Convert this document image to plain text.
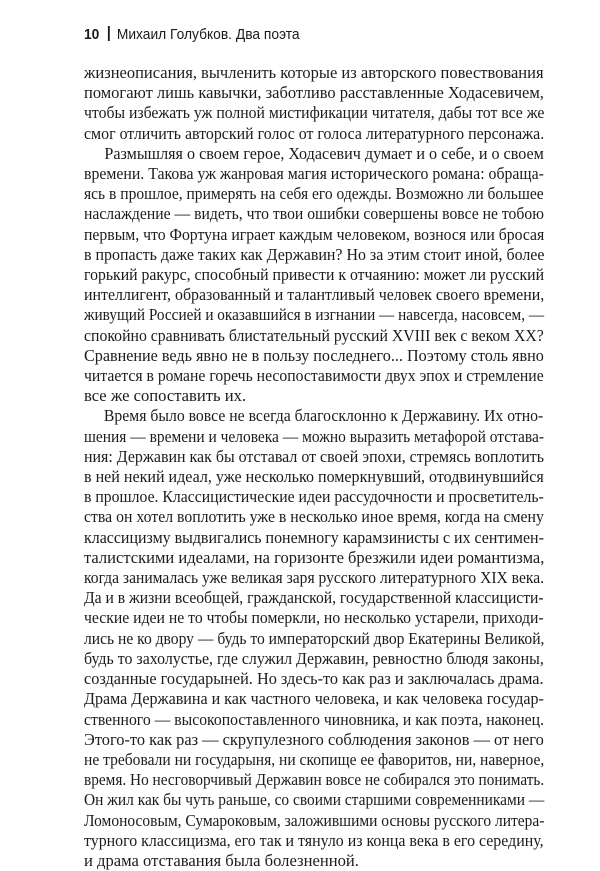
10 Михаил Голубков. Два поэта
жизнеописания, вычленить которые из авторского повествования
помогают лишь кавычки, заботливо расставленные Ходасевичем,
чтобы избежать уж полной мистификации читателя, дабы тот все же
смог отличить авторский голос от голоса литературного персонажа.
Размышляя о своем герое, Ходасевич думает и о себе, и о своем
времени. Такова уж жанровая магия исторического романа: обраща-
ясь в прошлое, примерять на себя его одежды. Возможно ли большее
наслаждение — видеть, что твои ошибки совершены вовсе не тобою
первым, что Фортуна играет каждым человеком, вознося или бросая
в пропасть даже таких как Державин? Но за этим стоит иной, более
горький ракурс, способный привести к отчаянию: может ли русский
интеллигент, образованный и талантливый человек своего времени,
живущий Россией и оказавшийся в изгнании — навсегда, насовсем, —
спокойно сравнивать блистательный русский XVIII век с веком XX?
Сравнение ведь явно не в пользу последнего... Поэтому столь явно
читается в романе горечь несопоставимости двух эпох и стремление
все же сопоставить их.
Время было вовсе не всегда благосклонно к Державину. Их отно-
шения — времени и человека — можно выразить метафорой отстава-
ния: Державин как бы отставал от своей эпохи, стремясь воплотить
в ней некий идеал, уже несколько померкнувший, отодвинувшийся
в прошлое. Классицистические идеи рассудочности и просветитель-
ства он хотел воплотить уже в несколько иное время, когда на смену
классицизму выдвигались понемногу карамзинисты с их сентимен-
талистскими идеалами, на горизонте брезжили идеи романтизма,
когда занималась уже великая заря русского литературного XIX века.
Да и в жизни всеобщей, гражданской, государственной классицисти-
ческие идеи не то чтобы померкли, но несколько устарели, приходи-
лись не ко двору — будь то императорский двор Екатерины Великой,
будь то захолустье, где служил Державин, ревностно блюдя законы,
созданные государыней. Но здесь-то как раз и заключалась драма.
Драма Державина и как частного человека, и как человека государ-
ственного — высокопоставленного чиновника, и как поэта, наконец.
Этого-то как раз — скрупулезного соблюдения законов — от него
не требовали ни государыня, ни скопище ее фаворитов, ни, наверное,
время. Но несговорчивый Державин вовсе не собирался это понимать.
Он жил как бы чуть раньше, со своими старшими современниками —
Ломоносовым, Сумароковым, заложившими основы русского литера-
турного классицизма, его так и тянуло из конца века в его середину,
и драма отставания была болезненной.
